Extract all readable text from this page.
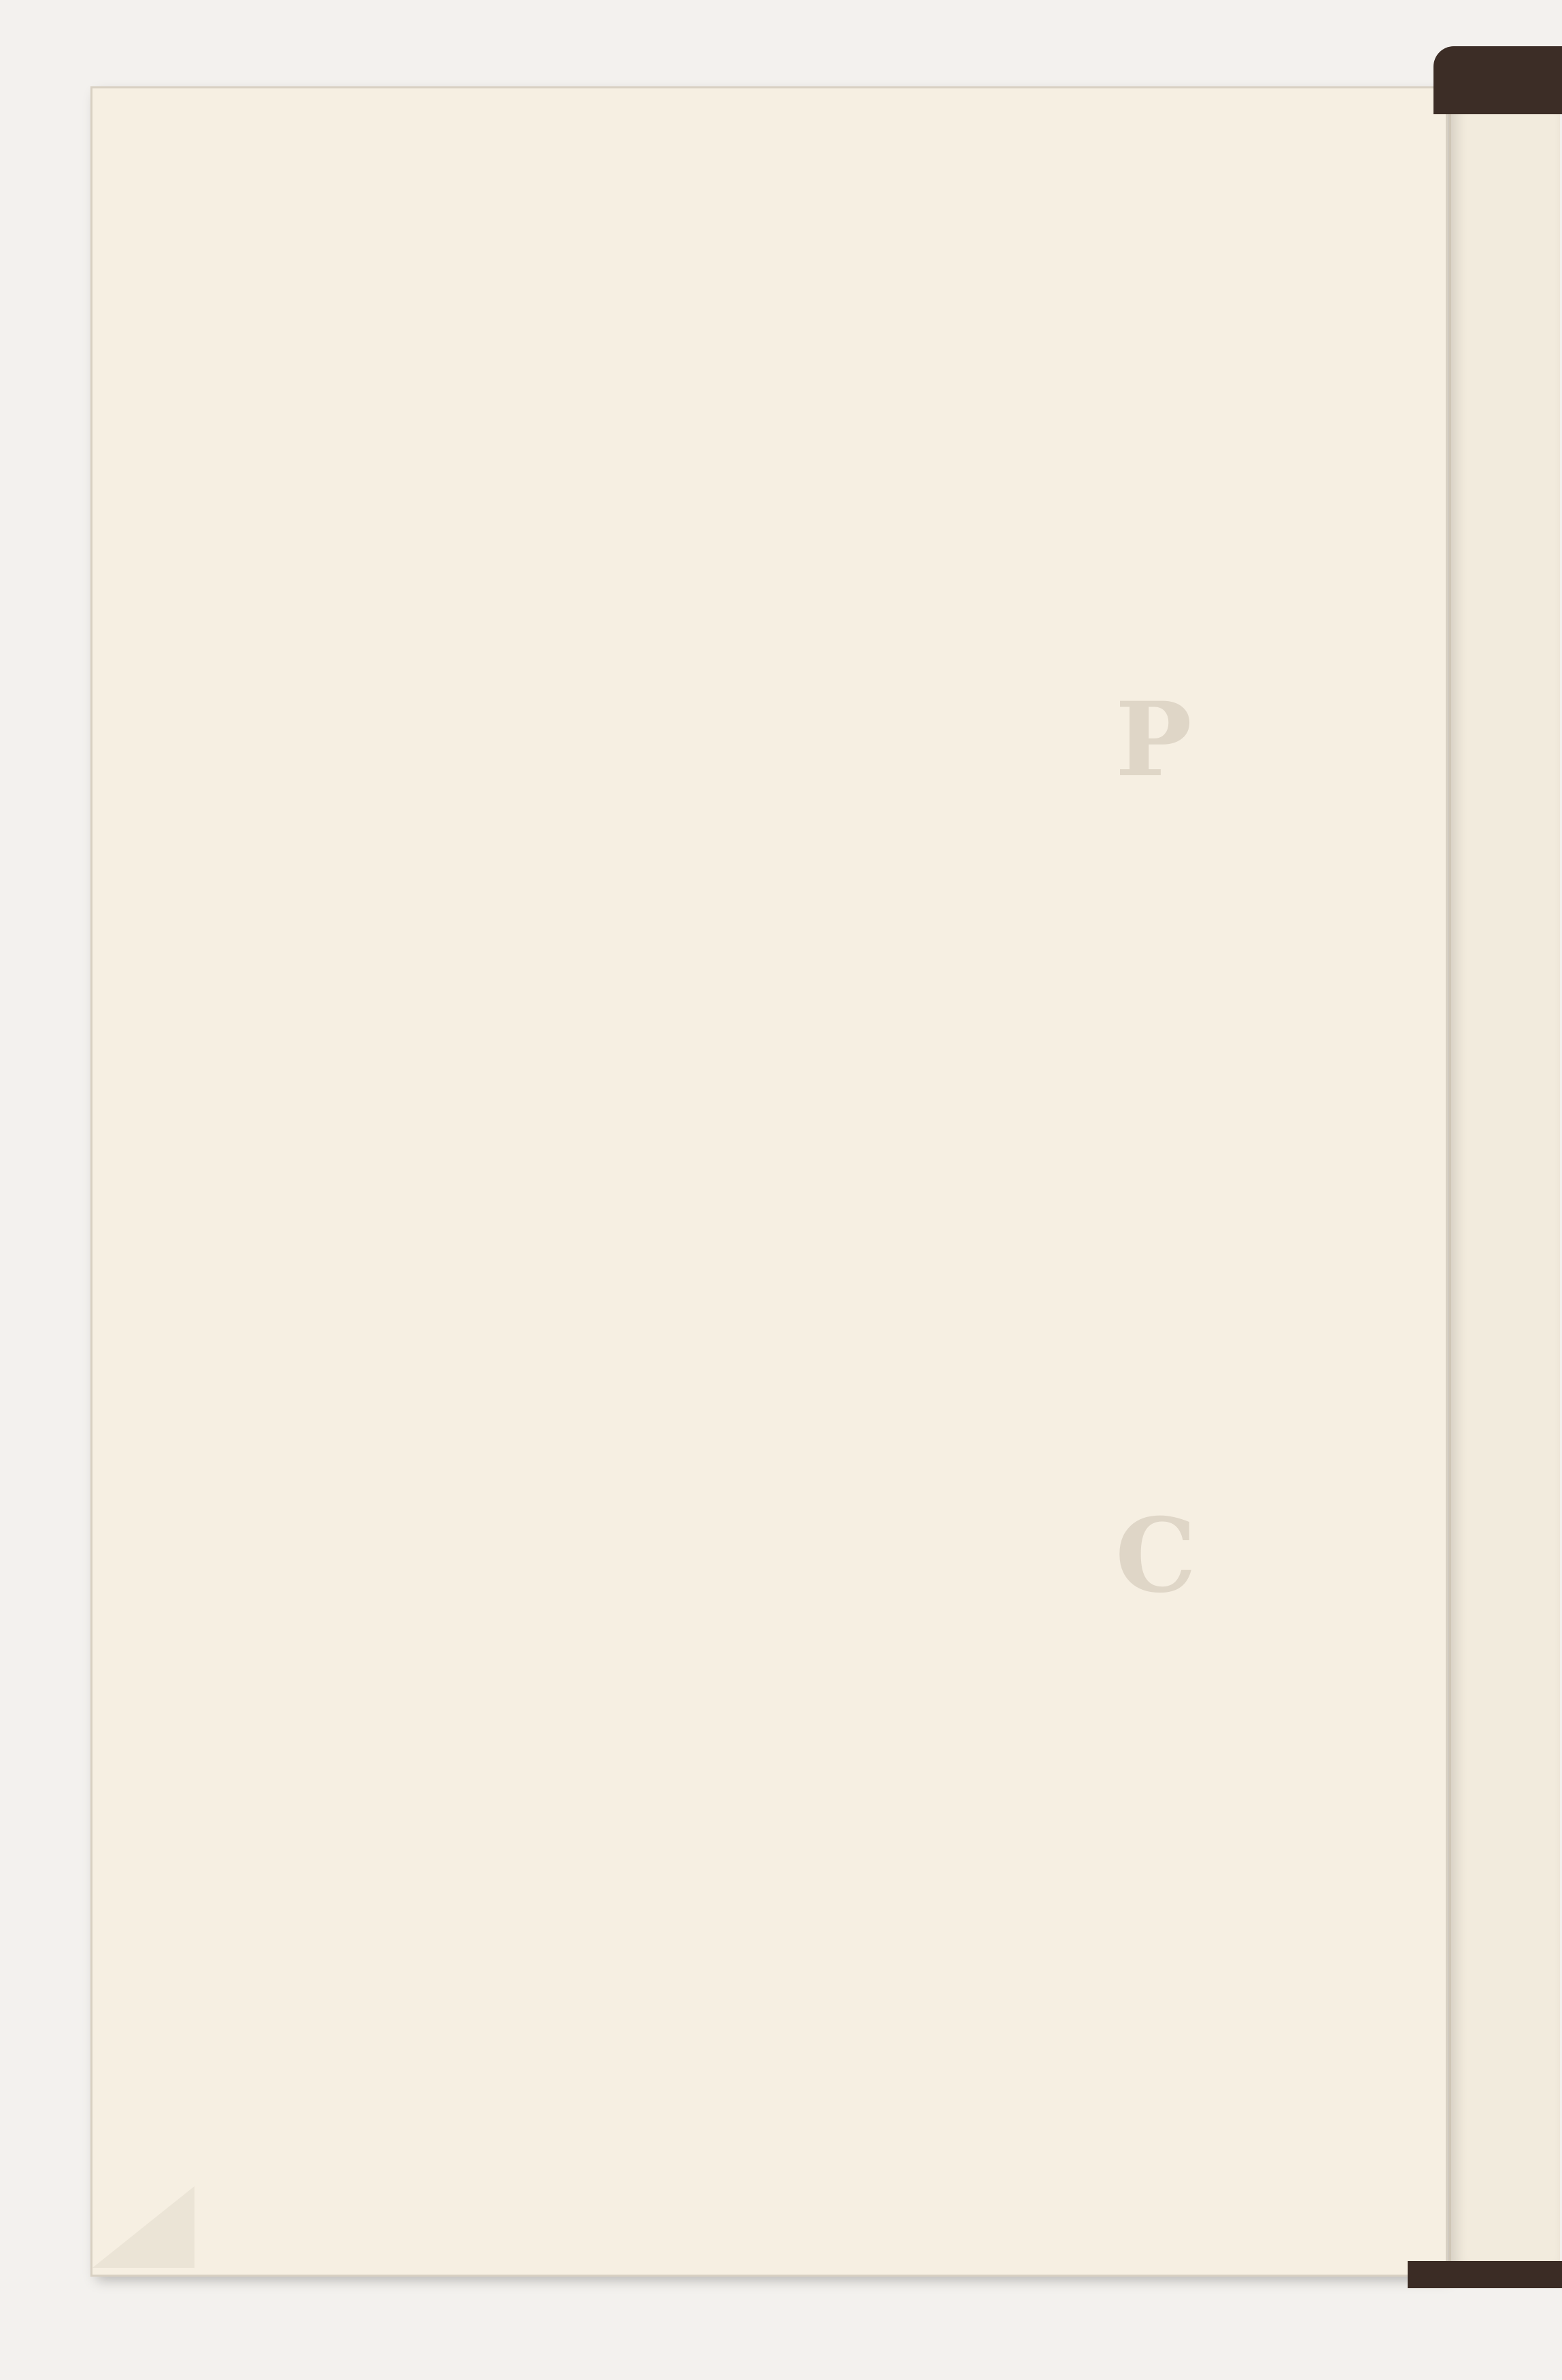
P
C
